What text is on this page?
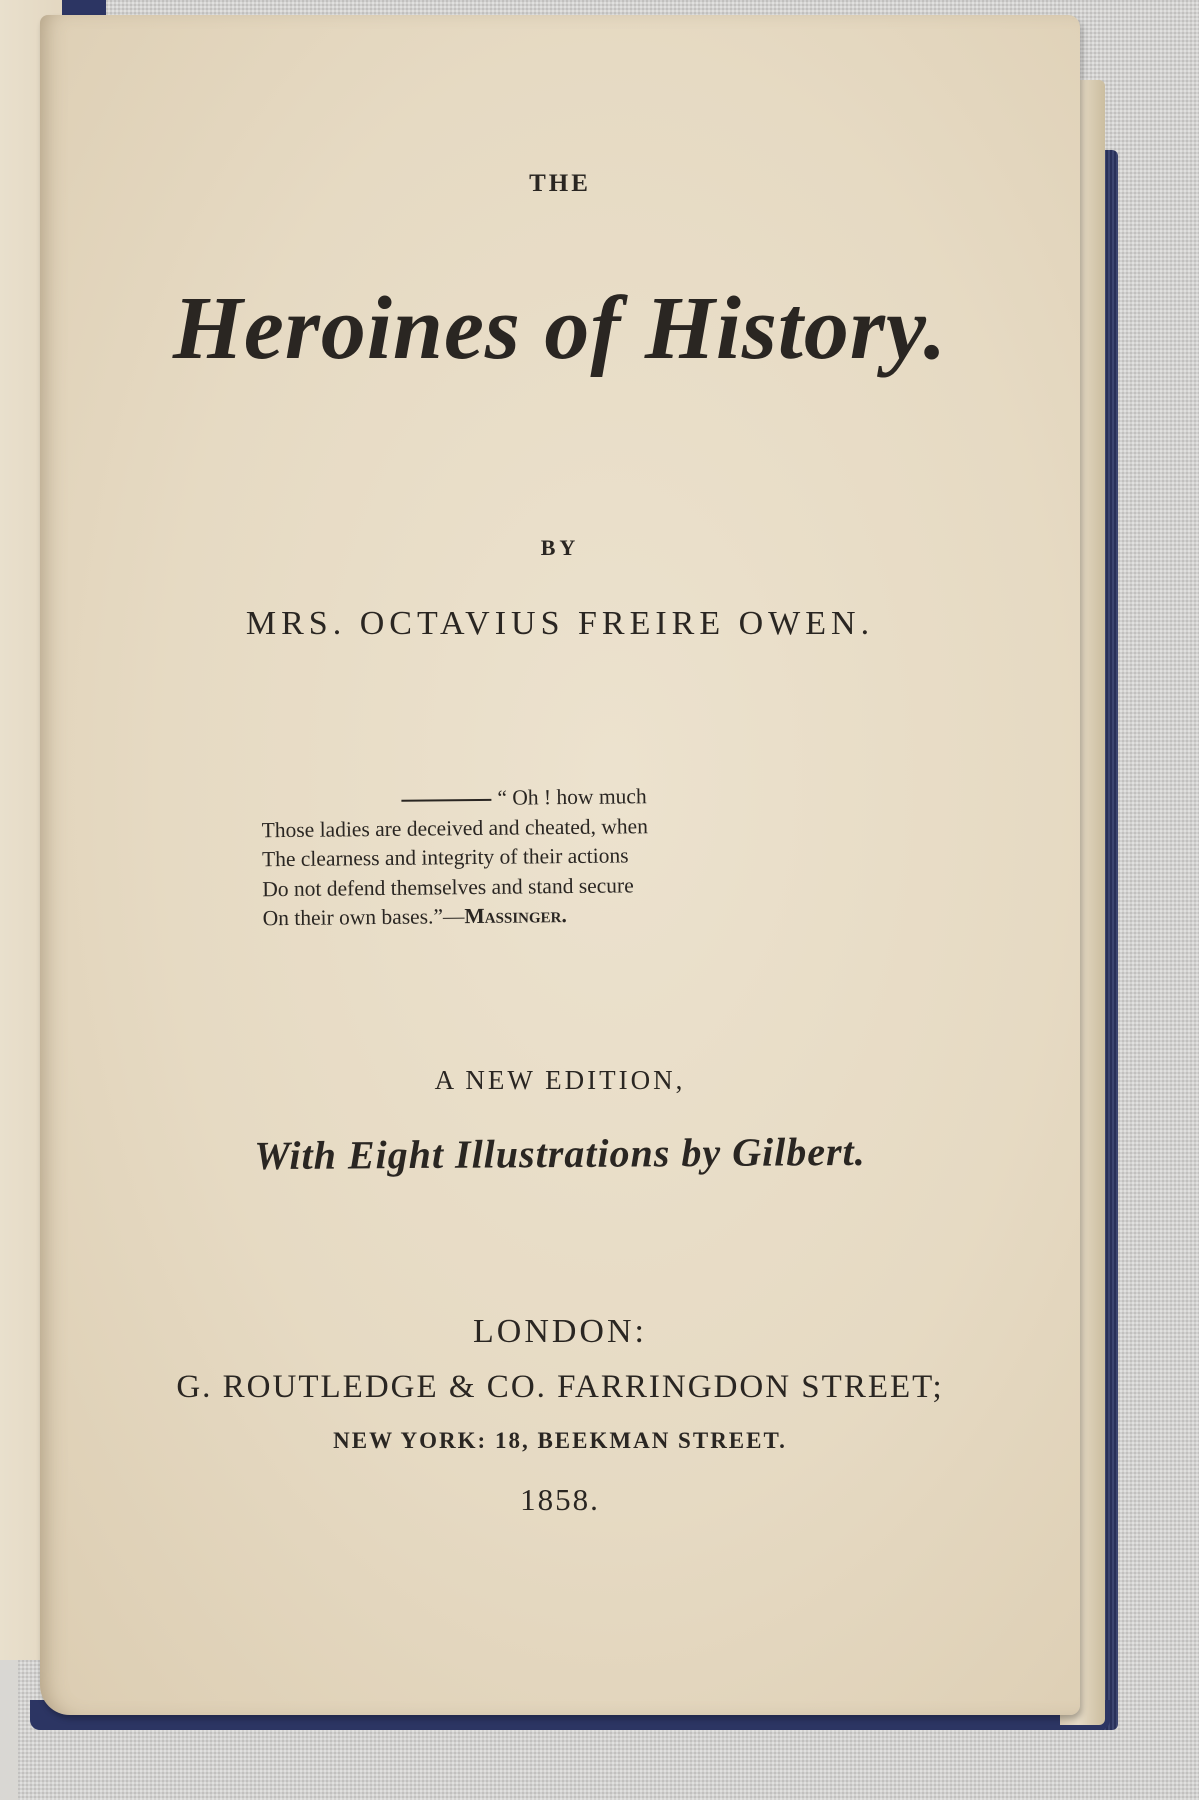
THE
Heroines of History.
BY
MRS. OCTAVIUS FREIRE OWEN.
“ Oh ! how much
Those ladies are deceived and cheated, when
The clearness and integrity of their actions
Do not defend themselves and stand secure
On their own bases.”—Massinger.
A NEW EDITION,
With Eight Illustrations by Gilbert.
LONDON:
G. ROUTLEDGE & CO. FARRINGDON STREET;
NEW YORK: 18, BEEKMAN STREET.
1858.
